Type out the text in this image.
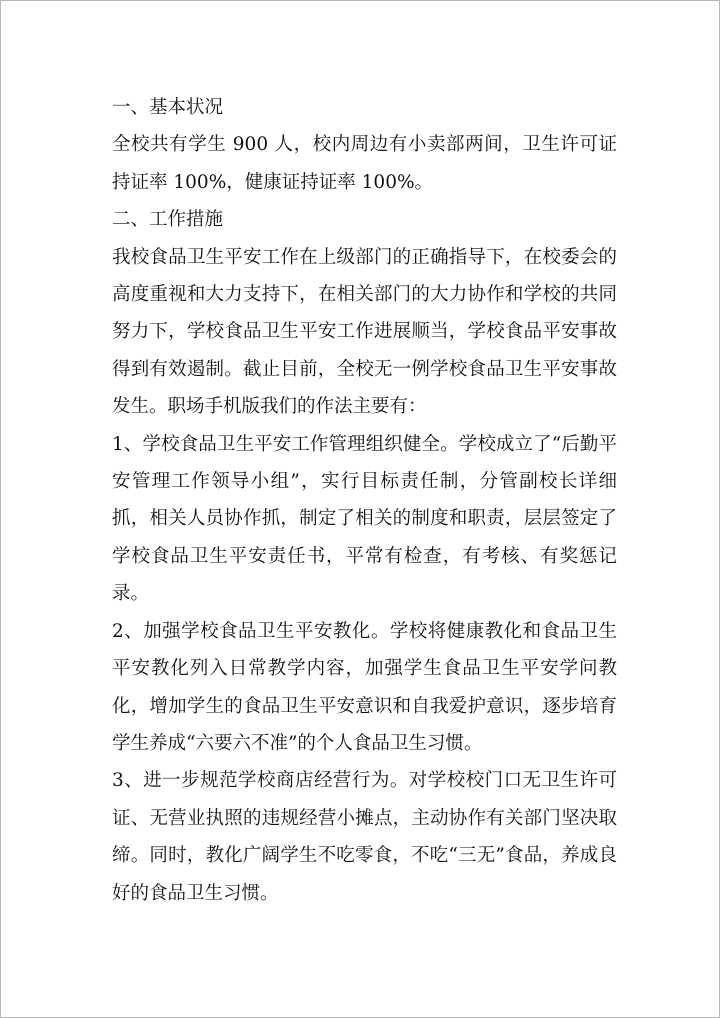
一、基本状况

全校共有学生 900 人，校内周边有小卖部两间，卫生许可证持证率 100%，健康证持证率 100%。

二、工作措施

我校食品卫生平安工作在上级部门的正确指导下，在校委会的高度重视和大力支持下，在相关部门的大力协作和学校的共同努力下，学校食品卫生平安工作进展顺当，学校食品平安事故得到有效遏制。截止目前，全校无一例学校食品卫生平安事故发生。职场手机版我们的作法主要有：

1、学校食品卫生平安工作管理组织健全。学校成立了“后勤平安管理工作领导小组”，实行目标责任制，分管副校长详细抓，相关人员协作抓，制定了相关的制度和职责，层层签定了学校食品卫生平安责任书，平常有检查，有考核、有奖惩记录。

2、加强学校食品卫生平安教化。学校将健康教化和食品卫生平安教化列入日常教学内容，加强学生食品卫生平安学问教化，增加学生的食品卫生平安意识和自我爱护意识，逐步培育学生养成“六要六不准”的个人食品卫生习惯。

3、进一步规范学校商店经营行为。对学校校门口无卫生许可证、无营业执照的违规经营小摊点，主动协作有关部门坚决取缔。同时，教化广阔学生不吃零食，不吃“三无”食品，养成良好的食品卫生习惯。
